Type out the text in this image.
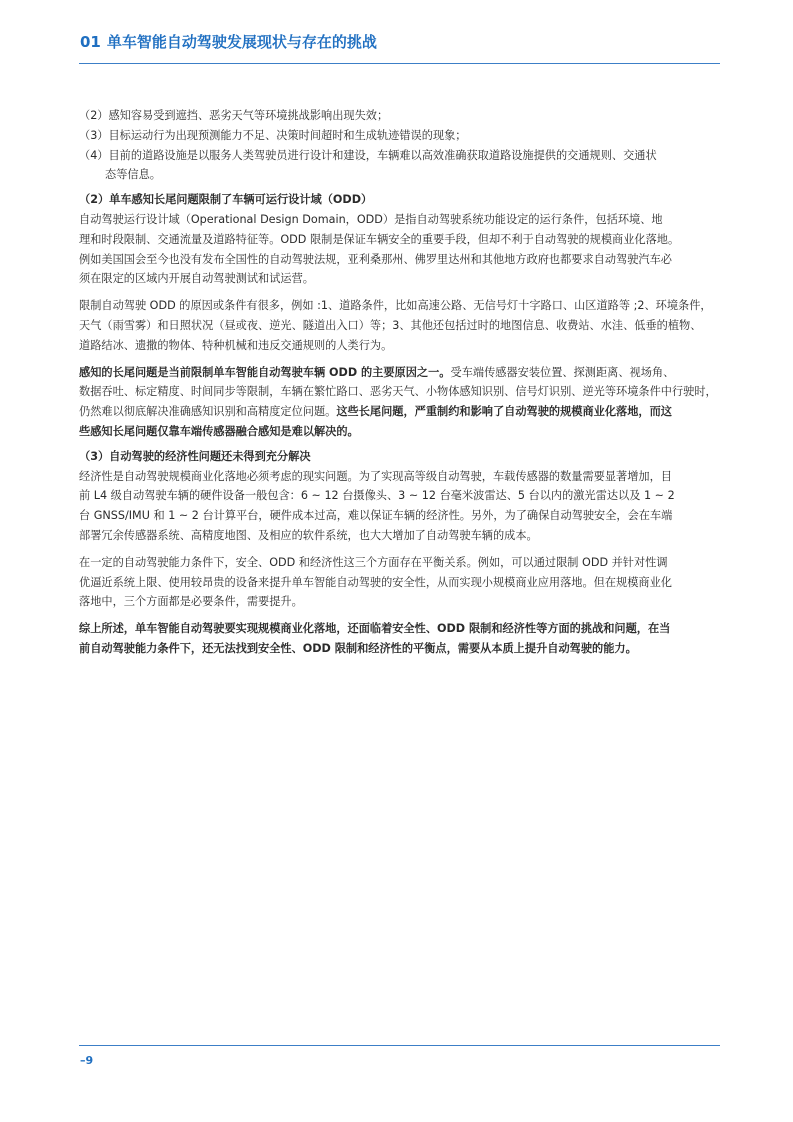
01 单车智能自动驾驶发展现状与存在的挑战

（2）感知容易受到遮挡、恶劣天气等环境挑战影响出现失效；

（3）目标运动行为出现预测能力不足、决策时间超时和生成轨迹错误的现象；

（4）目前的道路设施是以服务人类驾驶员进行设计和建设，车辆难以高效准确获取道路设施提供的交通规则、交通状
态等信息。

（2）单车感知长尾问题限制了车辆可运行设计域（ODD）

自动驾驶运行设计域（Operational Design Domain，ODD）是指自动驾驶系统功能设定的运行条件，包括环境、地
理和时段限制、交通流量及道路特征等。ODD 限制是保证车辆安全的重要手段，但却不利于自动驾驶的规模商业化落地。
例如美国国会至今也没有发布全国性的自动驾驶法规，亚利桑那州、佛罗里达州和其他地方政府也都要求自动驾驶汽车必
须在限定的区域内开展自动驾驶测试和试运营。
限制自动驾驶 ODD 的原因或条件有很多，例如 :1、道路条件，比如高速公路、无信号灯十字路口、山区道路等 ;2、环境条件，
天气（雨雪雾）和日照状况（昼或夜、逆光、隧道出入口）等；3、其他还包括过时的地图信息、收费站、水洼、低垂的植物、
道路结冰、遗撒的物体、特种机械和违反交通规则的人类行为。
感知的长尾问题是当前限制单车智能自动驾驶车辆 ODD 的主要原因之一。受车端传感器安装位置、探测距离、视场角、
数据吞吐、标定精度、时间同步等限制，车辆在繁忙路口、恶劣天气、小物体感知识别、信号灯识别、逆光等环境条件中行驶时，
仍然难以彻底解决准确感知识别和高精度定位问题。这些长尾问题，严重制约和影响了自动驾驶的规模商业化落地，而这
些感知长尾问题仅靠车端传感器融合感知是难以解决的。

（3）自动驾驶的经济性问题还未得到充分解决

经济性是自动驾驶规模商业化落地必须考虑的现实问题。为了实现高等级自动驾驶，车载传感器的数量需要显著增加，目
前 L4 级自动驾驶车辆的硬件设备一般包含：6 ~ 12 台摄像头、3 ~ 12 台毫米波雷达、5 台以内的激光雷达以及 1 ~ 2
台 GNSS/IMU 和 1 ~ 2 台计算平台，硬件成本过高，难以保证车辆的经济性。另外，为了确保自动驾驶安全，会在车端
部署冗余传感器系统、高精度地图、及相应的软件系统，也大大增加了自动驾驶车辆的成本。
在一定的自动驾驶能力条件下，安全、ODD 和经济性这三个方面存在平衡关系。例如，可以通过限制 ODD 并针对性调
优逼近系统上限、使用较昂贵的设备来提升单车智能自动驾驶的安全性，从而实现小规模商业应用落地。但在规模商业化
落地中，三个方面都是必要条件，需要提升。
综上所述，单车智能自动驾驶要实现规模商业化落地，还面临着安全性、ODD 限制和经济性等方面的挑战和问题，在当
前自动驾驶能力条件下，还无法找到安全性、ODD 限制和经济性的平衡点，需要从本质上提升自动驾驶的能力。
–9
